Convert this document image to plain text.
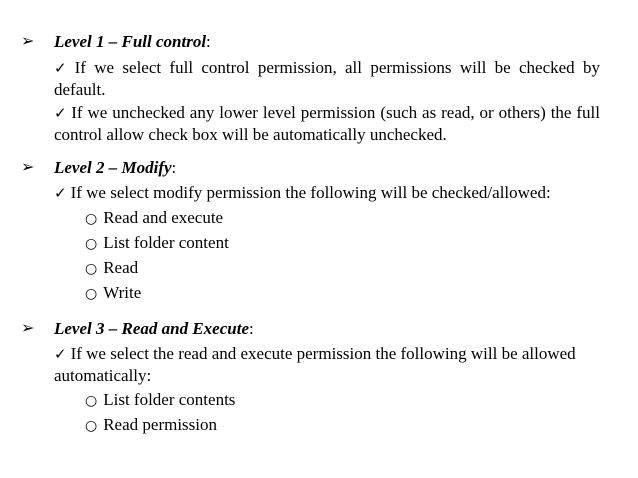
➢ Level 1 – Full control:
✓ If we select full control permission, all permissions will be checked by default.
✓ If we unchecked any lower level permission (such as read, or others) the full control allow check box will be automatically unchecked.
➢ Level 2 – Modify:
✓ If we select modify permission the following will be checked/allowed:
○ Read and execute
○ List folder content
○ Read
○ Write
➢ Level 3 – Read and Execute:
✓ If we select the read and execute permission the following will be allowed automatically:
○ List folder contents
○ Read permission
